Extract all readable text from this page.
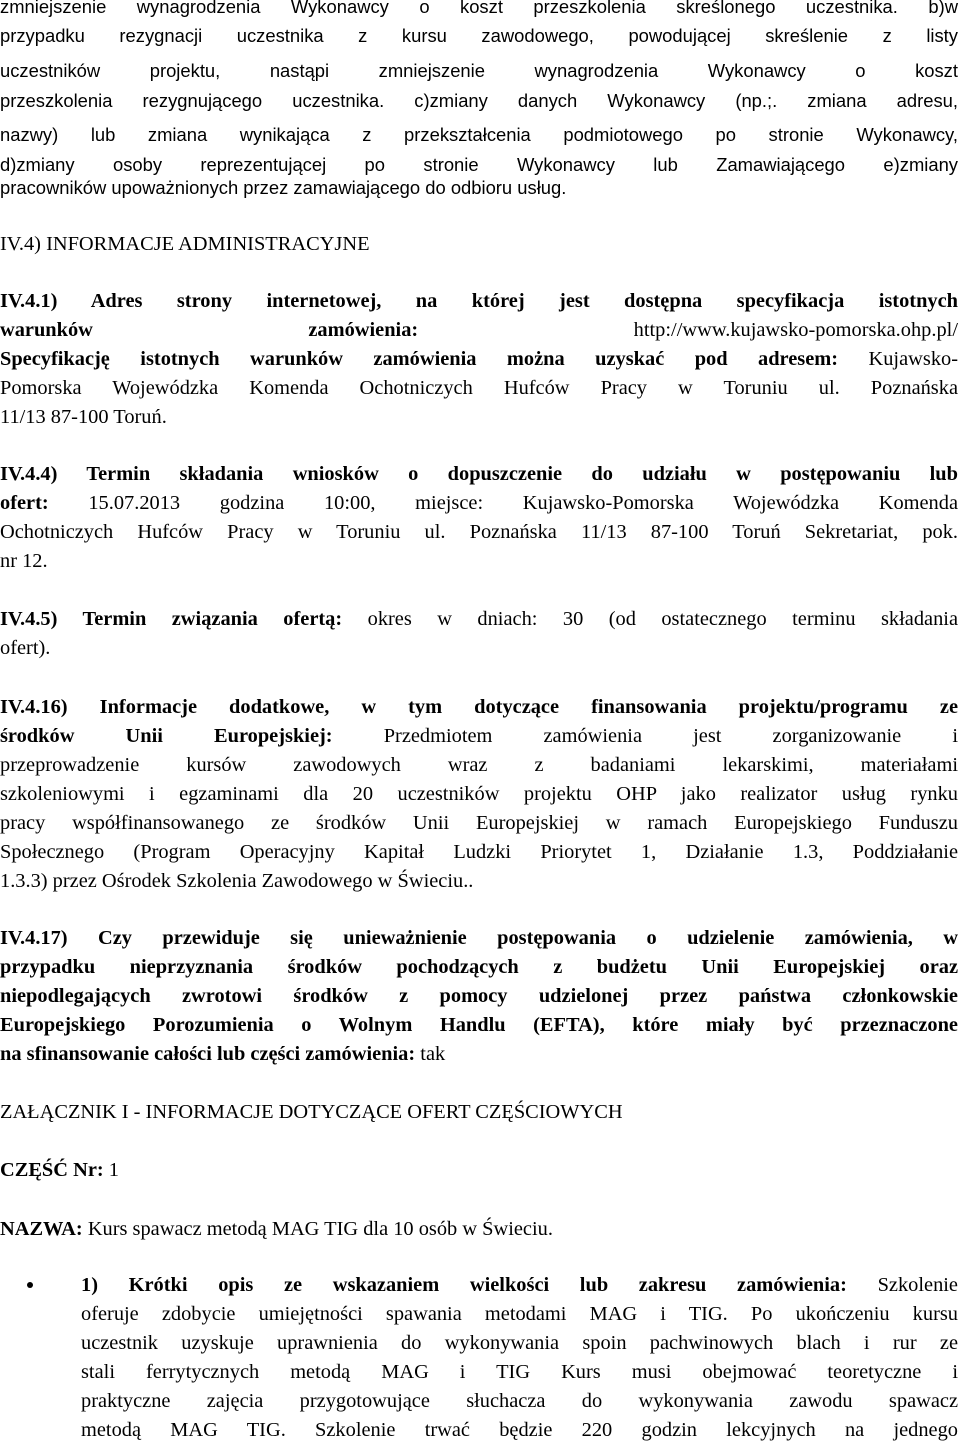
zmniejszenie wynagrodzenia Wykonawcy o koszt przeszkolenia skreślonego uczestnika. b)w
przypadku rezygnacji uczestnika z kursu zawodowego, powodującej skreślenie z listy
uczestników projektu, nastąpi zmniejszenie wynagrodzenia Wykonawcy o koszt
przeszkolenia rezygnującego uczestnika. c)zmiany danych Wykonawcy (np.;. zmiana adresu,
nazwy) lub zmiana wynikająca z przekształcenia podmiotowego po stronie Wykonawcy,
d)zmiany osoby reprezentującej po stronie Wykonawcy lub Zamawiającego e)zmiany
pracowników upoważnionych przez zamawiającego do odbioru usług.
IV.4) INFORMACJE ADMINISTRACYJNE
IV.4.1) Adres strony internetowej, na której jest dostępna specyfikacja istotnych
warunków zamówienia:	http://www.kujawsko-pomorska.ohp.pl/
Specyfikację istotnych warunków zamówienia można uzyskać pod adresem: Kujawsko-
Pomorska Wojewódzka Komenda Ochotniczych Hufców Pracy w Toruniu ul. Poznańska
11/13 87-100 Toruń.
IV.4.4) Termin składania wniosków o dopuszczenie do udziału w postępowaniu lub
ofert: 15.07.2013 godzina 10:00, miejsce: Kujawsko-Pomorska Wojewódzka Komenda
Ochotniczych Hufców Pracy w Toruniu ul. Poznańska 11/13 87-100 Toruń Sekretariat, pok.
nr 12.
IV.4.5) Termin związania ofertą: okres w dniach: 30 (od ostatecznego terminu składania
ofert).
IV.4.16) Informacje dodatkowe, w tym dotyczące finansowania projektu/programu ze
środków Unii Europejskiej:	Przedmiotem zamówienia jest zorganizowanie i
przeprowadzenie kursów zawodowych wraz z badaniami lekarskimi, materiałami
szkoleniowymi i egzaminami dla 20 uczestników projektu OHP jako realizator usług rynku
pracy współfinansowanego ze środków Unii Europejskiej w ramach Europejskiego Funduszu
Społecznego (Program Operacyjny Kapitał Ludzki Priorytet 1, Działanie 1.3, Poddziałanie
1.3.3) przez Ośrodek Szkolenia Zawodowego w Świeciu..
IV.4.17) Czy przewiduje się unieważnienie postępowania o udzielenie zamówienia, w
przypadku nieprzyznania środków pochodzących z budżetu Unii Europejskiej oraz
niepodlegających zwrotowi środków z pomocy udzielonej przez państwa członkowskie
Europejskiego Porozumienia o Wolnym Handlu (EFTA), które miały być przeznaczone
na sfinansowanie całości lub części zamówienia: tak
ZAŁĄCZNIK I - INFORMACJE DOTYCZĄCE OFERT CZĘŚCIOWYCH
CZĘŚĆ Nr: 1
NAZWA: Kurs spawacz metodą MAG TIG dla 10 osób w Świeciu.
1) Krótki opis ze wskazaniem wielkości lub zakresu zamówienia: Szkolenie
oferuje zdobycie umiejętności spawania metodami MAG i TIG. Po ukończeniu kursu
uczestnik uzyskuje uprawnienia do wykonywania spoin pachwinowych blach i rur ze
stali ferrytycznych metodą MAG i TIG Kurs musi obejmować teoretyczne i
praktyczne zajęcia przygotowujące słuchacza do wykonywania zawodu spawacz
metodą MAG TIG. Szkolenie trwać będzie 220 godzin lekcyjnych na jednego
